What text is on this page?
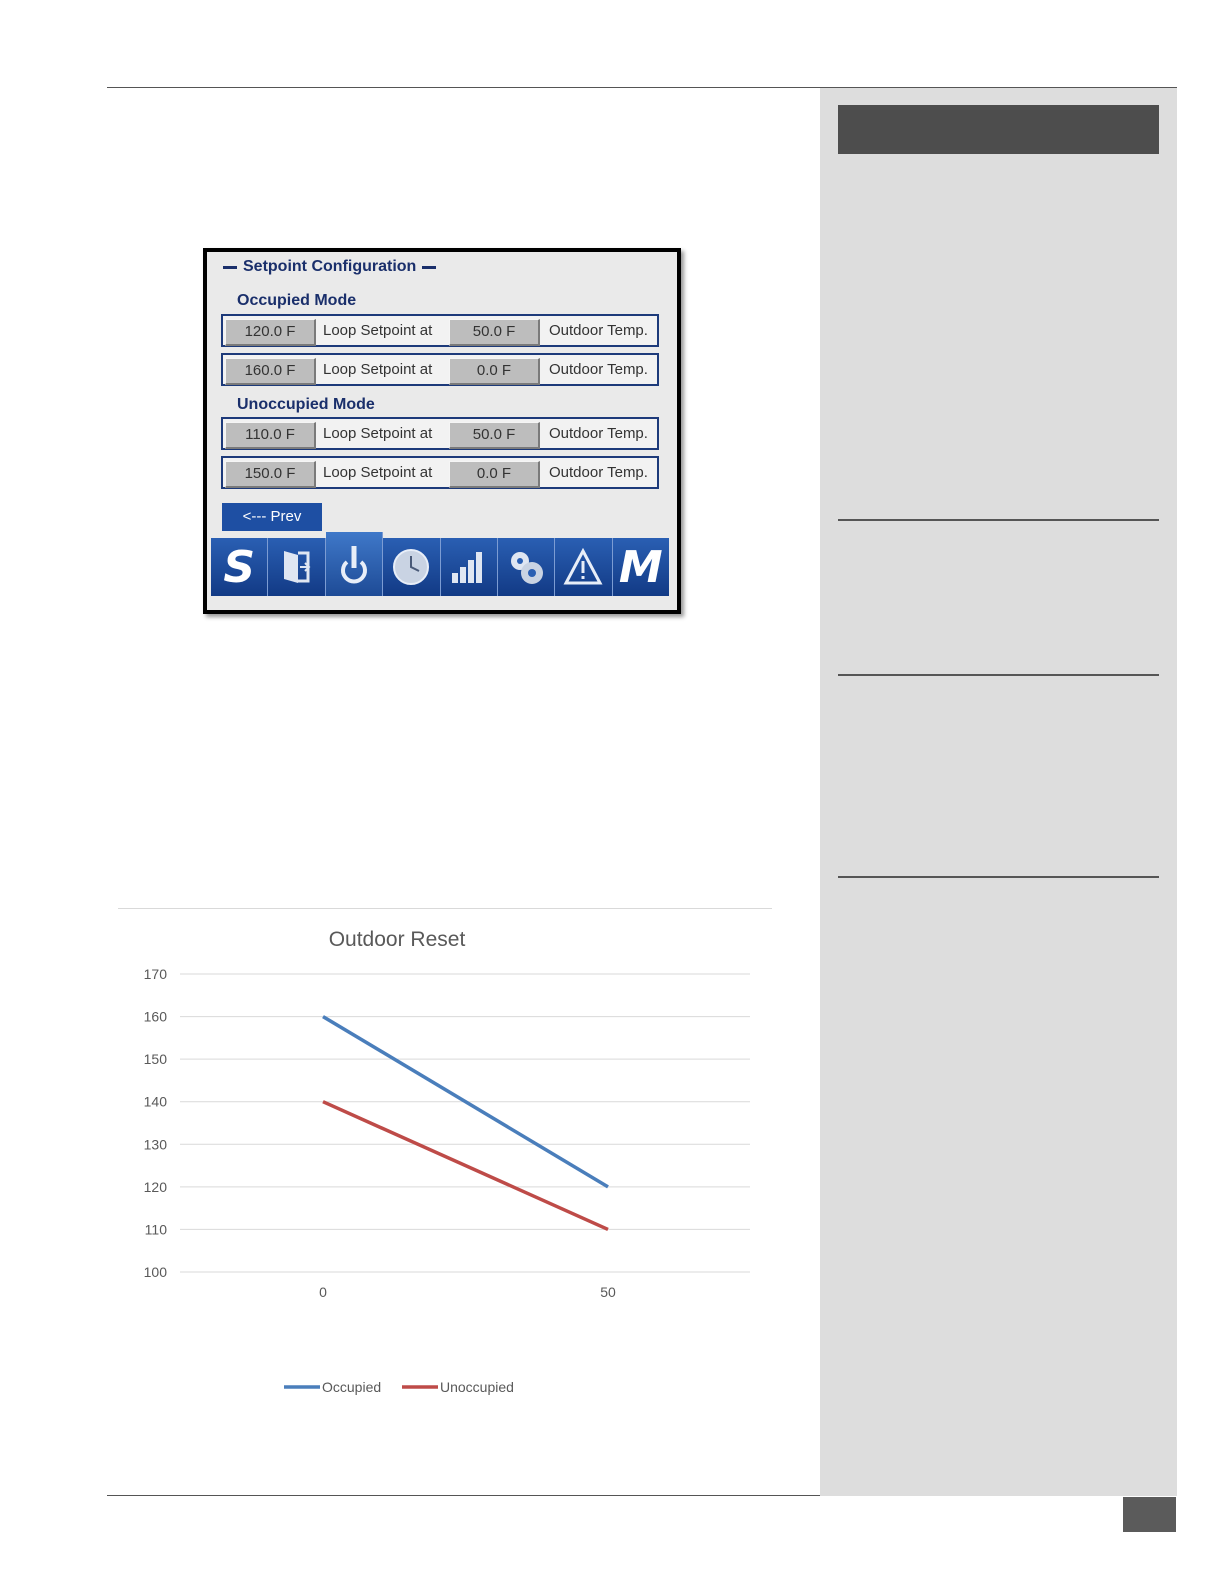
Setpoint Configuration
Occupied Mode
120.0 F	Loop Setpoint at	50.0 F	Outdoor Temp.
160.0 F	Loop Setpoint at	0.0 F	Outdoor Temp.
Unoccupied Mode
110.0 F	Loop Setpoint at	50.0 F	Outdoor Temp.
150.0 F	Loop Setpoint at	0.0 F	Outdoor Temp.
<--- Prev
S	M
Outdoor Reset
100
110
120
130
140
150
160
170
0	50
Occupied	Unoccupied
